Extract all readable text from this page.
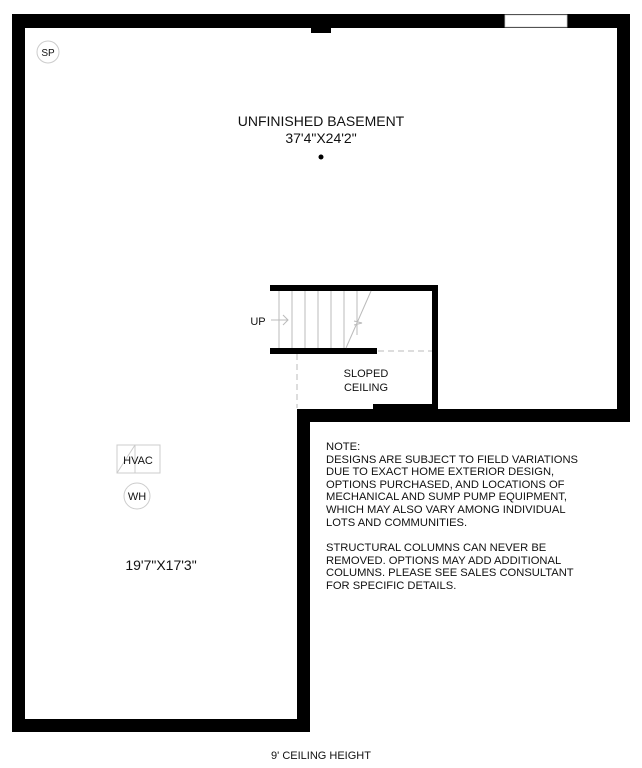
SP
HVAC
WH
UNFINISHED BASEMENT
37'4"X24'2"
UP
SLOPED
CEILING
19'7"X17'3"
9' CEILING HEIGHT

NOTE:

DESIGNS ARE SUBJECT TO FIELD VARIATIONS
DUE TO EXACT HOME EXTERIOR DESIGN,
OPTIONS PURCHASED, AND LOCATIONS OF
MECHANICAL AND SUMP PUMP EQUIPMENT,
WHICH MAY ALSO VARY AMONG INDIVIDUAL
LOTS AND COMMUNITIES.

STRUCTURAL COLUMNS CAN NEVER BE
REMOVED. OPTIONS MAY ADD ADDITIONAL
COLUMNS. PLEASE SEE SALES CONSULTANT
FOR SPECIFIC DETAILS.
